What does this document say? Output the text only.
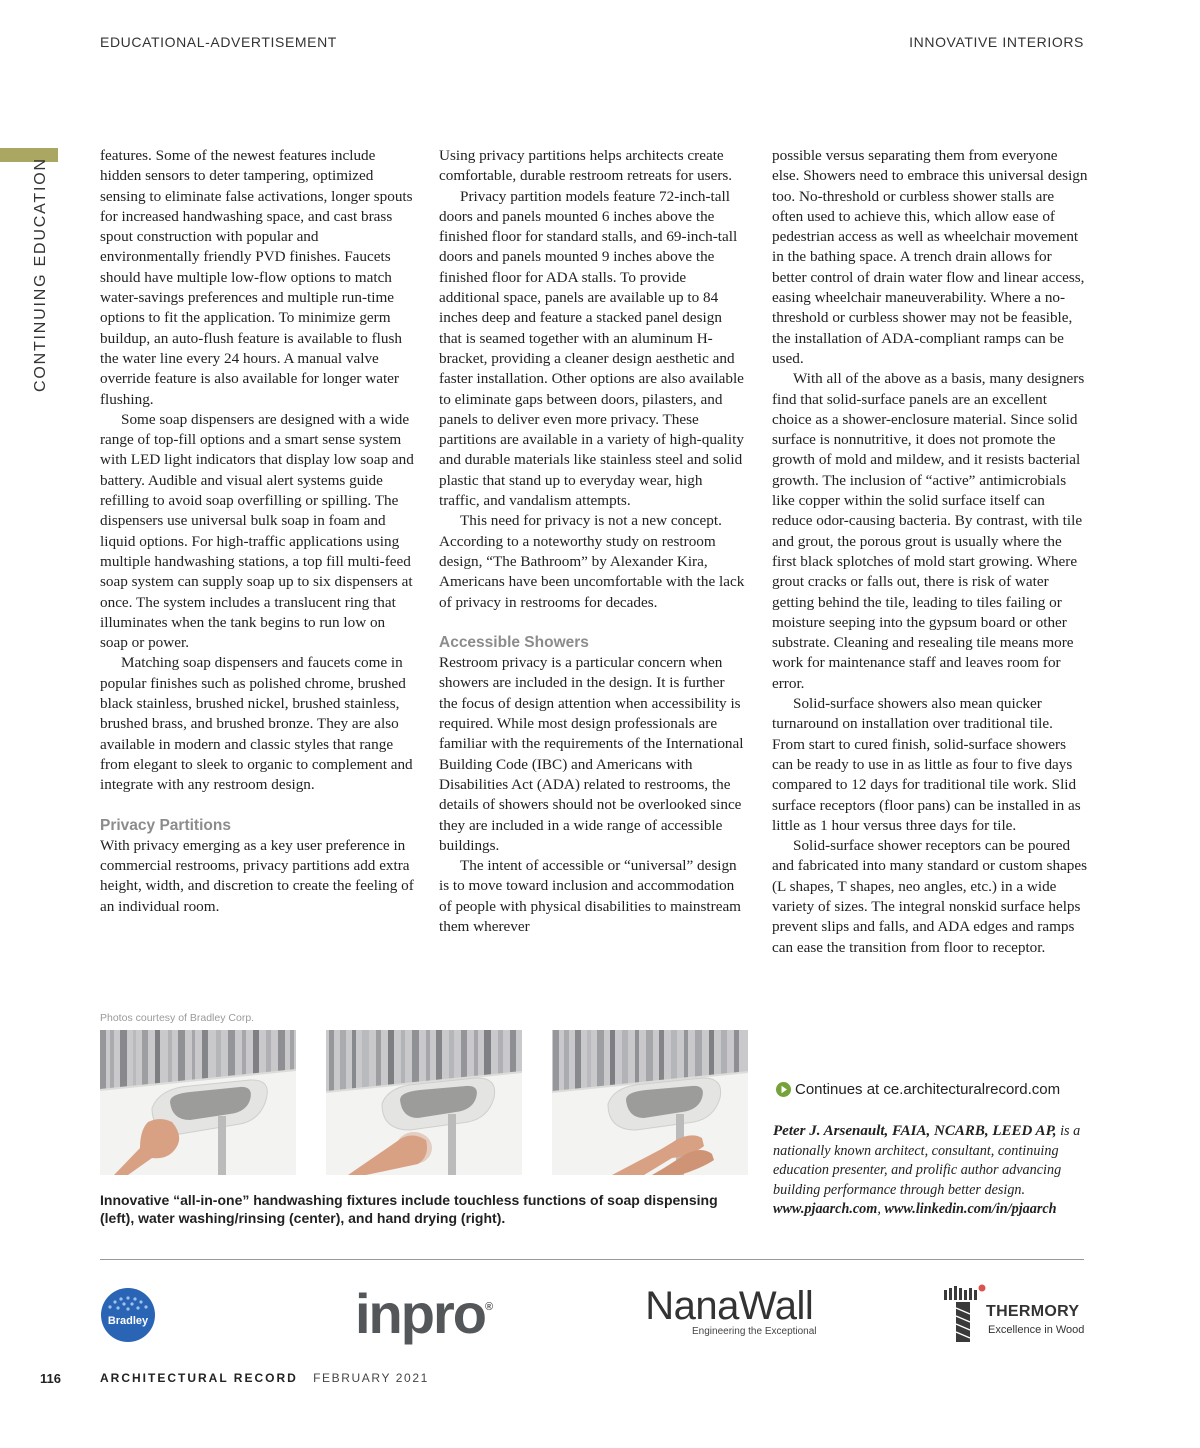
EDUCATIONAL-ADVERTISEMENT	INNOVATIVE INTERIORS
CONTINUING EDUCATION

features. Some of the newest features include hidden sensors to deter tampering, optimized sensing to eliminate false activations, longer spouts for increased handwashing space, and cast brass spout construction with popular and environmentally friendly PVD finishes. Faucets should have multiple low-flow options to match water-savings preferences and multiple run-time options to fit the application. To minimize germ buildup, an auto-flush feature is available to flush the water line every 24 hours. A manual valve override feature is also available for longer water flushing.

Some soap dispensers are designed with a wide range of top-fill options and a smart sense system with LED light indicators that display low soap and battery. Audible and visual alert systems guide refilling to avoid soap overfilling or spilling. The dispensers use universal bulk soap in foam and liquid options. For high-traffic applications using multiple handwashing stations, a top fill multi-feed soap system can supply soap up to six dispensers at once. The system includes a translucent ring that illuminates when the tank begins to run low on soap or power.

Matching soap dispensers and faucets come in popular finishes such as polished chrome, brushed black stainless, brushed nickel, brushed stainless, brushed brass, and brushed bronze. They are also available in modern and classic styles that range from elegant to sleek to organic to complement and integrate with any restroom design.

Privacy Partitions

With privacy emerging as a key user preference in commercial restrooms, privacy partitions add extra height, width, and discretion to create the feeling of an individual room.

Using privacy partitions helps architects create comfortable, durable restroom retreats for users.

Privacy partition models feature 72-inch-tall doors and panels mounted 6 inches above the finished floor for standard stalls, and 69-inch-tall doors and panels mounted 9 inches above the finished floor for ADA stalls. To provide additional space, panels are available up to 84 inches deep and feature a stacked panel design that is seamed together with an aluminum H-bracket, providing a cleaner design aesthetic and faster installation. Other options are also available to eliminate gaps between doors, pilasters, and panels to deliver even more privacy. These partitions are available in a variety of high-quality and durable materials like stainless steel and solid plastic that stand up to everyday wear, high traffic, and vandalism attempts.

This need for privacy is not a new concept. According to a noteworthy study on restroom design, “The Bathroom” by Alexander Kira, Americans have been uncomfortable with the lack of privacy in restrooms for decades.

Accessible Showers

Restroom privacy is a particular concern when showers are included in the design. It is further the focus of design attention when accessibility is required. While most design professionals are familiar with the requirements of the International Building Code (IBC) and Americans with Disabilities Act (ADA) related to restrooms, the details of showers should not be overlooked since they are included in a wide range of accessible buildings.

The intent of accessible or “universal” design is to move toward inclusion and accommodation of people with physical disabilities to mainstream them wherever

possible versus separating them from everyone else. Showers need to embrace this universal design too. No-threshold or curbless shower stalls are often used to achieve this, which allow ease of pedestrian access as well as wheelchair movement in the bathing space. A trench drain allows for better control of drain water flow and linear access, easing wheelchair maneuverability. Where a no-threshold or curbless shower may not be feasible, the installation of ADA-compliant ramps can be used.

With all of the above as a basis, many designers find that solid-surface panels are an excellent choice as a shower-enclosure material. Since solid surface is nonnutritive, it does not promote the growth of mold and mildew, and it resists bacterial growth. The inclusion of “active” antimicrobials like copper within the solid surface itself can reduce odor-causing bacteria. By contrast, with tile and grout, the porous grout is usually where the first black splotches of mold start growing. Where grout cracks or falls out, there is risk of water getting behind the tile, leading to tiles failing or moisture seeping into the gypsum board or other substrate. Cleaning and resealing tile means more work for maintenance staff and leaves room for error.

Solid-surface showers also mean quicker turnaround on installation over traditional tile. From start to cured finish, solid-surface showers can be ready to use in as little as four to five days compared to 12 days for traditional tile work. Slid surface receptors (floor pans) can be installed in as little as 1 hour versus three days for tile.

Solid-surface shower receptors can be poured and fabricated into many standard or custom shapes (L shapes, T shapes, neo angles, etc.) in a wide variety of sizes. The integral nonskid surface helps prevent slips and falls, and ADA edges and ramps can ease the transition from floor to receptor.

Photos courtesy of Bradley Corp.
Innovative “all-in-one” handwashing fixtures include touchless functions of soap dispensing (left), water washing/rinsing (center), and hand drying (right).
Continues at ce.architecturalrecord.com
Peter J. Arsenault, FAIA, NCARB, LEED AP, is a nationally known architect, consultant, continuing education presenter, and prolific author advancing building performance through better design. www.pjaarch.com, www.linkedin.com/in/pjaarch
Bradley	inpro®	NanaWall
Engineering the Exceptional
THERMORY
Excellence in Wood
116	ARCHITECTURAL RECORD FEBRUARY 2021
